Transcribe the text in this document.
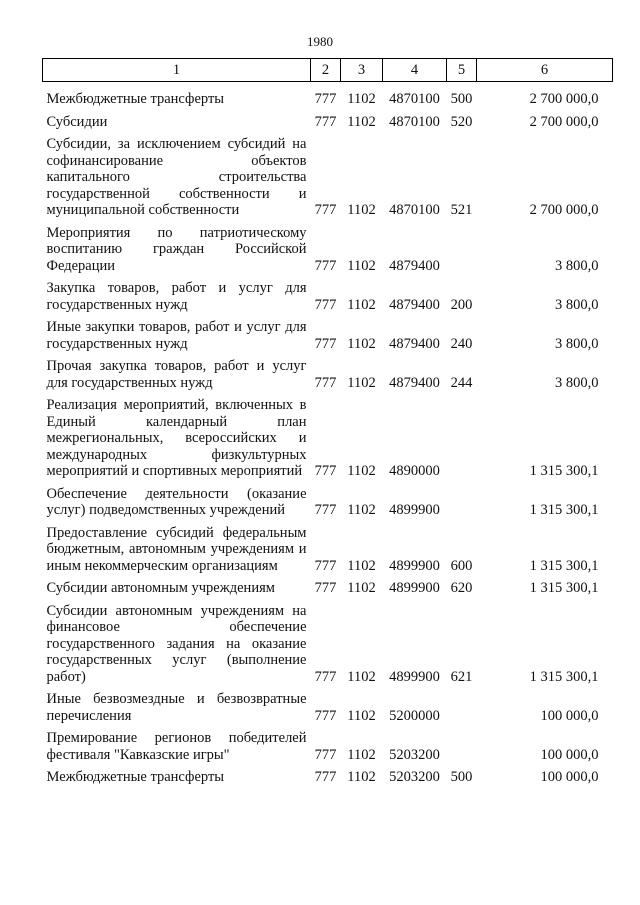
1980
1	2	3	4	5	6
Межбюджетные трансферты	777	1102	4870100	500	2 700 000,0
Субсидии	777	1102	4870100	520	2 700 000,0
Субсидии, за исключением субсидий на софинансирование объектов капитального строительства государственной собственности и муниципальной собственности	777	1102	4870100	521	2 700 000,0
Мероприятия по патриотическому воспитанию граждан Российской Федерации	777	1102	4879400		3 800,0
Закупка товаров, работ и услуг для государственных нужд	777	1102	4879400	200	3 800,0
Иные закупки товаров, работ и услуг для государственных нужд	777	1102	4879400	240	3 800,0
Прочая закупка товаров, работ и услуг для государственных нужд	777	1102	4879400	244	3 800,0
Реализация мероприятий, включенных в Единый календарный план межрегиональных, всероссийских и международных физкультурных мероприятий и спортивных мероприятий	777	1102	4890000		1 315 300,1
Обеспечение деятельности (оказание услуг) подведомственных учреждений	777	1102	4899900		1 315 300,1
Предоставление субсидий федеральным бюджетным, автономным учреждениям и иным некоммерческим организациям	777	1102	4899900	600	1 315 300,1
Субсидии автономным учреждениям	777	1102	4899900	620	1 315 300,1
Субсидии автономным учреждениям на финансовое обеспечение государственного задания на оказание государственных услуг (выполнение работ)	777	1102	4899900	621	1 315 300,1
Иные безвозмездные и безвозвратные перечисления	777	1102	5200000		100 000,0
Премирование регионов победителей фестиваля "Кавказские игры"	777	1102	5203200		100 000,0
Межбюджетные трансферты	777	1102	5203200	500	100 000,0
